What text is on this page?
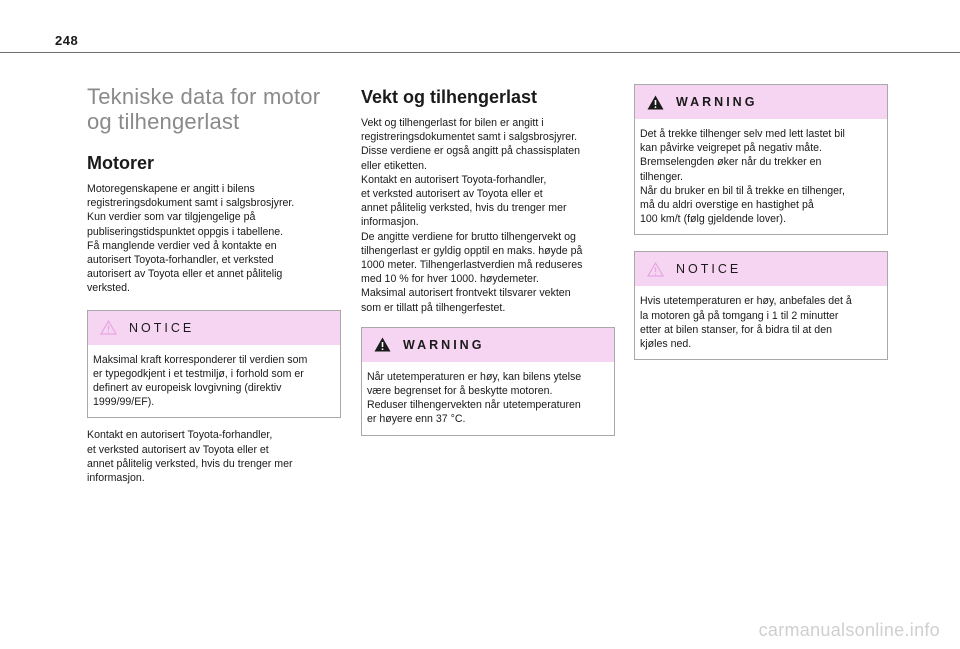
248
Tekniske data for motor
og tilhengerlast
Motorer

Motoregenskapene er angitt i bilens
registreringsdokument samt i salgsbrosjyrer.
Kun verdier som var tilgjengelige på
publiseringstidspunktet oppgis i tabellene.
Få manglende verdier ved å kontakte en
autorisert Toyota-forhandler, et verksted
autorisert av Toyota eller et annet pålitelig
verksted.

NOTICE
Maksimal kraft korresponderer til verdien som
er typegodkjent i et testmiljø, i forhold som er
definert av europeisk lovgivning (direktiv
1999/99/EF).

Kontakt en autorisert Toyota-forhandler,
et verksted autorisert av Toyota eller et
annet pålitelig verksted, hvis du trenger mer
informasjon.

Vekt og tilhengerlast

Vekt og tilhengerlast for bilen er angitt i
registreringsdokumentet samt i salgsbrosjyrer.
Disse verdiene er også angitt på chassisplaten
eller etiketten.
Kontakt en autorisert Toyota-forhandler,
et verksted autorisert av Toyota eller et
annet pålitelig verksted, hvis du trenger mer
informasjon.
De angitte verdiene for brutto tilhengervekt og
tilhengerlast er gyldig opptil en maks. høyde på
1000 meter. Tilhengerlastverdien må reduseres
med 10 % for hver 1000. høydemeter.
Maksimal autorisert frontvekt tilsvarer vekten
som er tillatt på tilhengerfestet.

WARNING
Når utetemperaturen er høy, kan bilens ytelse
være begrenset for å beskytte motoren.
Reduser tilhengervekten når utetemperaturen
er høyere enn 37 °C.
WARNING
Det å trekke tilhenger selv med lett lastet bil
kan påvirke veigrepet på negativ måte.
Bremselengden øker når du trekker en
tilhenger.
Når du bruker en bil til å trekke en tilhenger,
må du aldri overstige en hastighet på
100 km/t (følg gjeldende lover).
NOTICE
Hvis utetemperaturen er høy, anbefales det å
la motoren gå på tomgang i 1 til 2 minutter
etter at bilen stanser, for å bidra til at den
kjøles ned.
carmanualsonline.info
